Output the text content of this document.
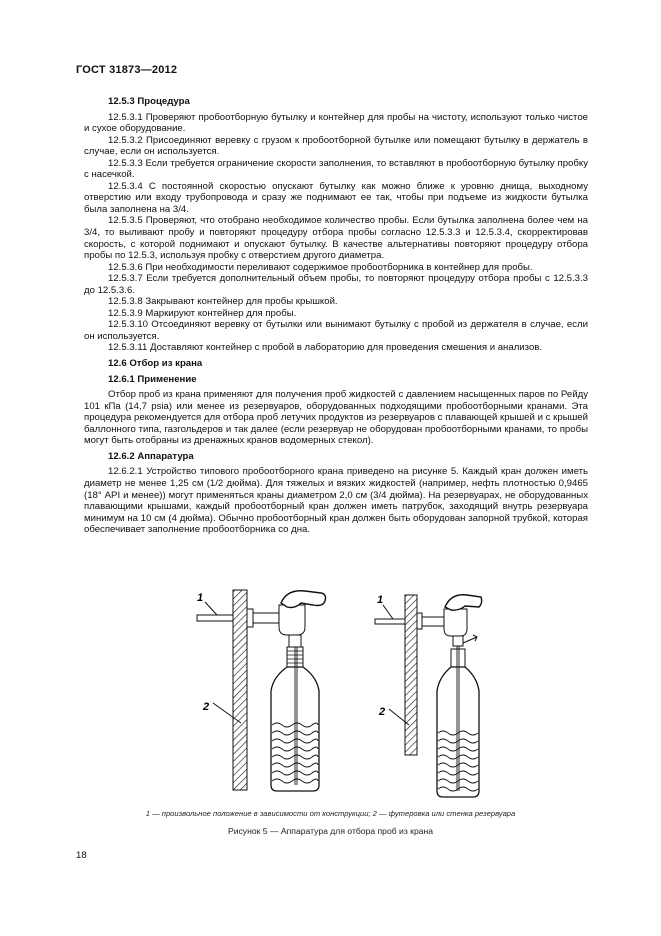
ГОСТ 31873—2012

12.5.3 Процедура

12.5.3.1 Проверяют пробоотборную бутылку и контейнер для пробы на чистоту, используют только чистое и сухое оборудование.

12.5.3.2 Присоединяют веревку с грузом к пробоотборной бутылке или помещают бутылку в держатель в случае, если он используется.

12.5.3.3 Если требуется ограничение скорости заполнения, то вставляют в пробоотборную бутылку пробку с насечкой.

12.5.3.4 С постоянной скоростью опускают бутылку как можно ближе к уровню днища, выходному отверстию или входу трубопровода и сразу же поднимают ее так, чтобы при подъеме из жидкости бутылка была заполнена на 3/4.

12.5.3.5 Проверяют, что отобрано необходимое количество пробы. Если бутылка заполнена более чем на 3/4, то выливают пробу и повторяют процедуру отбора пробы согласно 12.5.3.3 и 12.5.3.4, скорректировав скорость, с которой поднимают и опускают бутылку. В качестве альтернативы повторяют процедуру отбора пробы по 12.5.3, используя пробку с отверстием другого диаметра.

12.5.3.6 При необходимости переливают содержимое пробоотборника в контейнер для пробы.

12.5.3.7 Если требуется дополнительный объем пробы, то повторяют процедуру отбора пробы с 12.5.3.3 до 12.5.3.6.

12.5.3.8 Закрывают контейнер для пробы крышкой.

12.5.3.9 Маркируют контейнер для пробы.

12.5.3.10 Отсоединяют веревку от бутылки или вынимают бутылку с пробой из держателя в случае, если он используется.

12.5.3.11 Доставляют контейнер с пробой в лабораторию для проведения смешения и анализов.

12.6 Отбор из крана

12.6.1 Применение

Отбор проб из крана применяют для получения проб жидкостей с давлением насыщенных паров по Рейду 101 кПа (14,7 psia) или менее из резервуаров, оборудованных подходящими пробоотборными кранами. Эта процедура рекомендуется для отбора проб летучих продуктов из резервуаров с плавающей крышей и с крышей баллонного типа, газгольдеров и так далее (если резервуар не оборудован пробоотборными кранами, то пробы могут быть отобраны из дренажных кранов водомерных стекол).

12.6.2 Аппаратура

12.6.2.1 Устройство типового пробоотборного крана приведено на рисунке 5. Каждый кран должен иметь диаметр не менее 1,25 см (1/2 дюйма). Для тяжелых и вязких жидкостей (например, нефть плотностью 0,9465 (18° API и менее)) могут применяться краны диаметром 2,0 см (3/4 дюйма). На резервуарах, не оборудованных плавающими крышами, каждый пробоотборный кран должен иметь патрубок, заходящий внутрь резервуара минимум на 10 см (4 дюйма). Обычно пробоотборный кран должен быть оборудован запорной трубкой, которая обеспечивает заполнение пробоотборника со дна.

1
2
1
2
1 — произвольное положение в зависимости от конструкции; 2 — футеровка или стенка резервуара
Рисунок 5 — Аппаратура для отбора проб из крана
18
